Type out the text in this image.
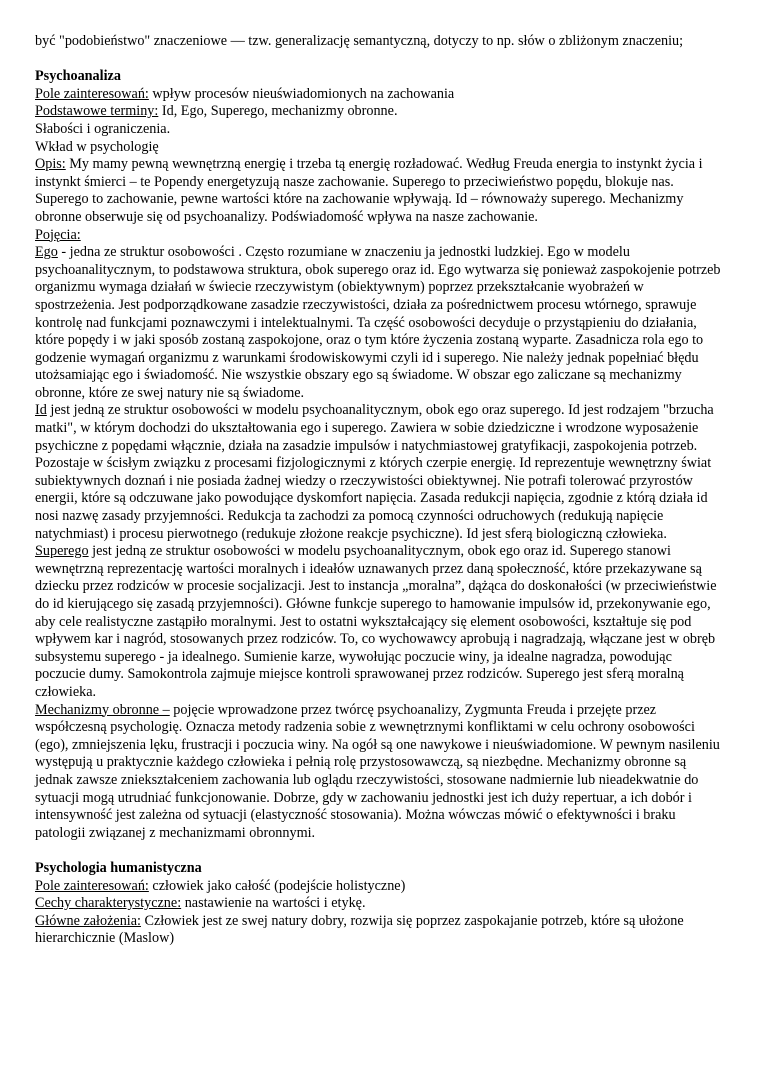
być "podobieństwo" znaczeniowe — tzw. generalizację semantyczną, dotyczy to np. słów o zbliżonym znaczeniu;

Psychoanaliza

Pole zainteresowań: wpływ procesów nieuświadomionych na zachowania

Podstawowe terminy: Id, Ego, Superego, mechanizmy obronne.

Słabości i ograniczenia.

Wkład w psychologię

Opis: My mamy pewną wewnętrzną energię i trzeba tą energię rozładować. Według Freuda energia to instynkt życia i instynkt śmierci – te Popendy energetyzują nasze zachowanie. Superego to przeciwieństwo popędu, blokuje nas. Superego to zachowanie, pewne wartości które na zachowanie wpływają. Id – równoważy superego. Mechanizmy obronne obserwuje się od psychoanalizy. Podświadomość wpływa na nasze zachowanie.

Pojęcia:

Ego - jedna ze struktur osobowości . Często rozumiane w znaczeniu ja jednostki ludzkiej. Ego w modelu psychoanalitycznym, to podstawowa struktura, obok superego oraz id. Ego wytwarza się ponieważ zaspokojenie potrzeb organizmu wymaga działań w świecie rzeczywistym (obiektywnym) poprzez przekształcanie wyobrażeń w spostrzeżenia. Jest podporządkowane zasadzie rzeczywistości, działa za pośrednictwem procesu wtórnego, sprawuje kontrolę nad funkcjami poznawczymi i intelektualnymi. Ta część osobowości decyduje o przystąpieniu do działania, które popędy i w jaki sposób zostaną zaspokojone, oraz o tym które życzenia zostaną wyparte. Zasadnicza rola ego to godzenie wymagań organizmu z warunkami środowiskowymi czyli id i superego. Nie należy jednak popełniać błędu utożsamiając ego i świadomość. Nie wszystkie obszary ego są świadome. W obszar ego zaliczane są mechanizmy obronne, które ze swej natury nie są świadome.

Id jest jedną ze struktur osobowości w modelu psychoanalitycznym, obok ego oraz superego. Id jest rodzajem "brzucha matki", w którym dochodzi do ukształtowania ego i superego. Zawiera w sobie dziedziczne i wrodzone wyposażenie psychiczne z popędami włącznie, działa na zasadzie impulsów i natychmiastowej gratyfikacji, zaspokojenia potrzeb. Pozostaje w ścisłym związku z procesami fizjologicznymi z których czerpie energię. Id reprezentuje wewnętrzny świat subiektywnych doznań i nie posiada żadnej wiedzy o rzeczywistości obiektywnej. Nie potrafi tolerować przyrostów energii, które są odczuwane jako powodujące dyskomfort napięcia. Zasada redukcji napięcia, zgodnie z którą działa id nosi nazwę zasady przyjemności. Redukcja ta zachodzi za pomocą czynności odruchowych (redukują napięcie natychmiast) i procesu pierwotnego (redukuje złożone reakcje psychiczne). Id jest sferą biologiczną człowieka.

Superego jest jedną ze struktur osobowości w modelu psychoanalitycznym, obok ego oraz id. Superego stanowi wewnętrzną reprezentację wartości moralnych i ideałów uznawanych przez daną społeczność, które przekazywane są dziecku przez rodziców w procesie socjalizacji. Jest to instancja „moralna”, dążąca do doskonałości (w przeciwieństwie do id kierującego się zasadą przyjemności). Główne funkcje superego to hamowanie impulsów id, przekonywanie ego, aby cele realistyczne zastąpiło moralnymi. Jest to ostatni wykształcający się element osobowości, kształtuje się pod wpływem kar i nagród, stosowanych przez rodziców. To, co wychowawcy aprobują i nagradzają, włączane jest w obręb subsystemu superego - ja idealnego. Sumienie karze, wywołując poczucie winy, ja idealne nagradza, powodując poczucie dumy. Samokontrola zajmuje miejsce kontroli sprawowanej przez rodziców. Superego jest sferą moralną człowieka.

Mechanizmy obronne – pojęcie wprowadzone przez twórcę psychoanalizy, Zygmunta Freuda i przejęte przez współczesną psychologię. Oznacza metody radzenia sobie z wewnętrznymi konfliktami w celu ochrony osobowości (ego), zmniejszenia lęku, frustracji i poczucia winy. Na ogół są one nawykowe i nieuświadomione. W pewnym nasileniu występują u praktycznie każdego człowieka i pełnią rolę przystosowawczą, są niezbędne. Mechanizmy obronne są jednak zawsze zniekształceniem zachowania lub oglądu rzeczywistości, stosowane nadmiernie lub nieadekwatnie do sytuacji mogą utrudniać funkcjonowanie. Dobrze, gdy w zachowaniu jednostki jest ich duży repertuar, a ich dobór i intensywność jest zależna od sytuacji (elastyczność stosowania). Można wówczas mówić o efektywności i braku patologii związanej z mechanizmami obronnymi.

Psychologia humanistyczna

Pole zainteresowań: człowiek jako całość (podejście holistyczne)

Cechy charakterystyczne: nastawienie na wartości i etykę.

Główne założenia: Człowiek jest ze swej natury dobry, rozwija się poprzez zaspokajanie potrzeb, które są ułożone hierarchicznie (Maslow)
